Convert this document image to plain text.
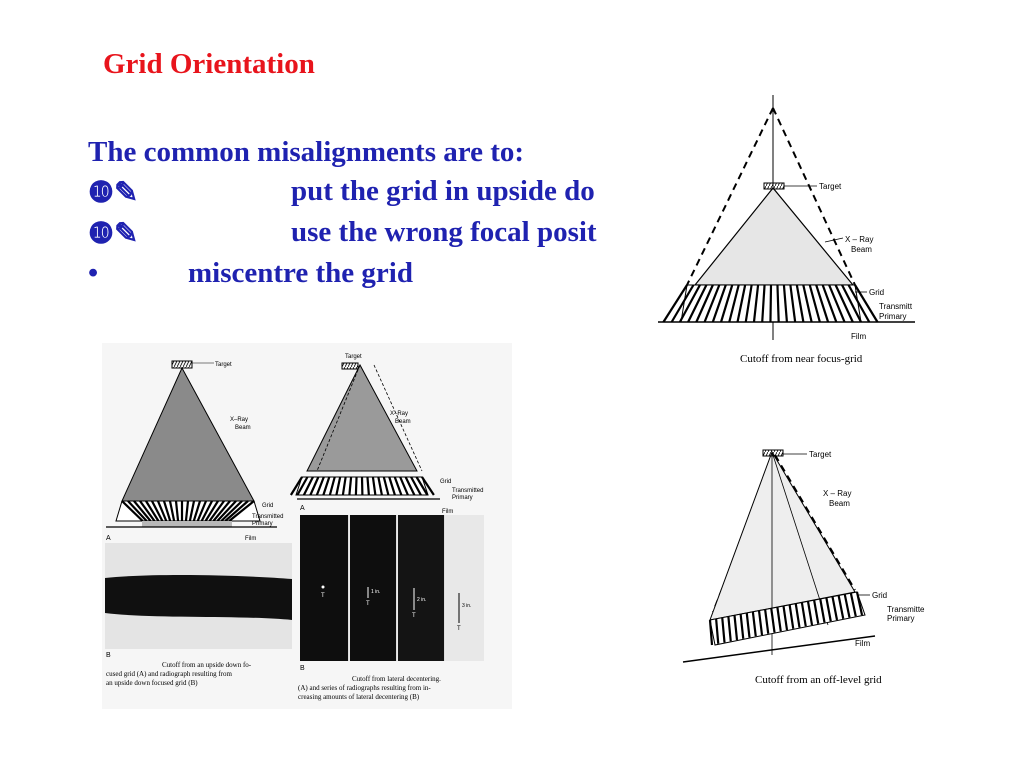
Grid Orientation
The common misalignments are to:
❿✎	put the grid in upside do
❿✎	use the wrong focal posit
•	miscentre the grid
Target
X – Ray
Beam
Grid
Transmitt
Primary
Film
Cutoff from near focus-grid
Target
X – Ray
Beam
Grid
Transmitte
Primary
Film
Cutoff from an off-level grid
Target
X–Ray
Beam
Grid
Transmitted
Primary
Film
A
B
Cutoff from an upside down fo-
cused grid (A) and radiograph resulting from
an upside down focused grid (B)
Target
X–Ray
Beam
Grid
Transmitted
Primary
Film
A
T
1 in.
T
2 in.
T
3 in.
T
B
Cutoff from lateral decentering.
(A) and series of radiographs resulting from in-
creasing amounts of lateral decentering (B)
